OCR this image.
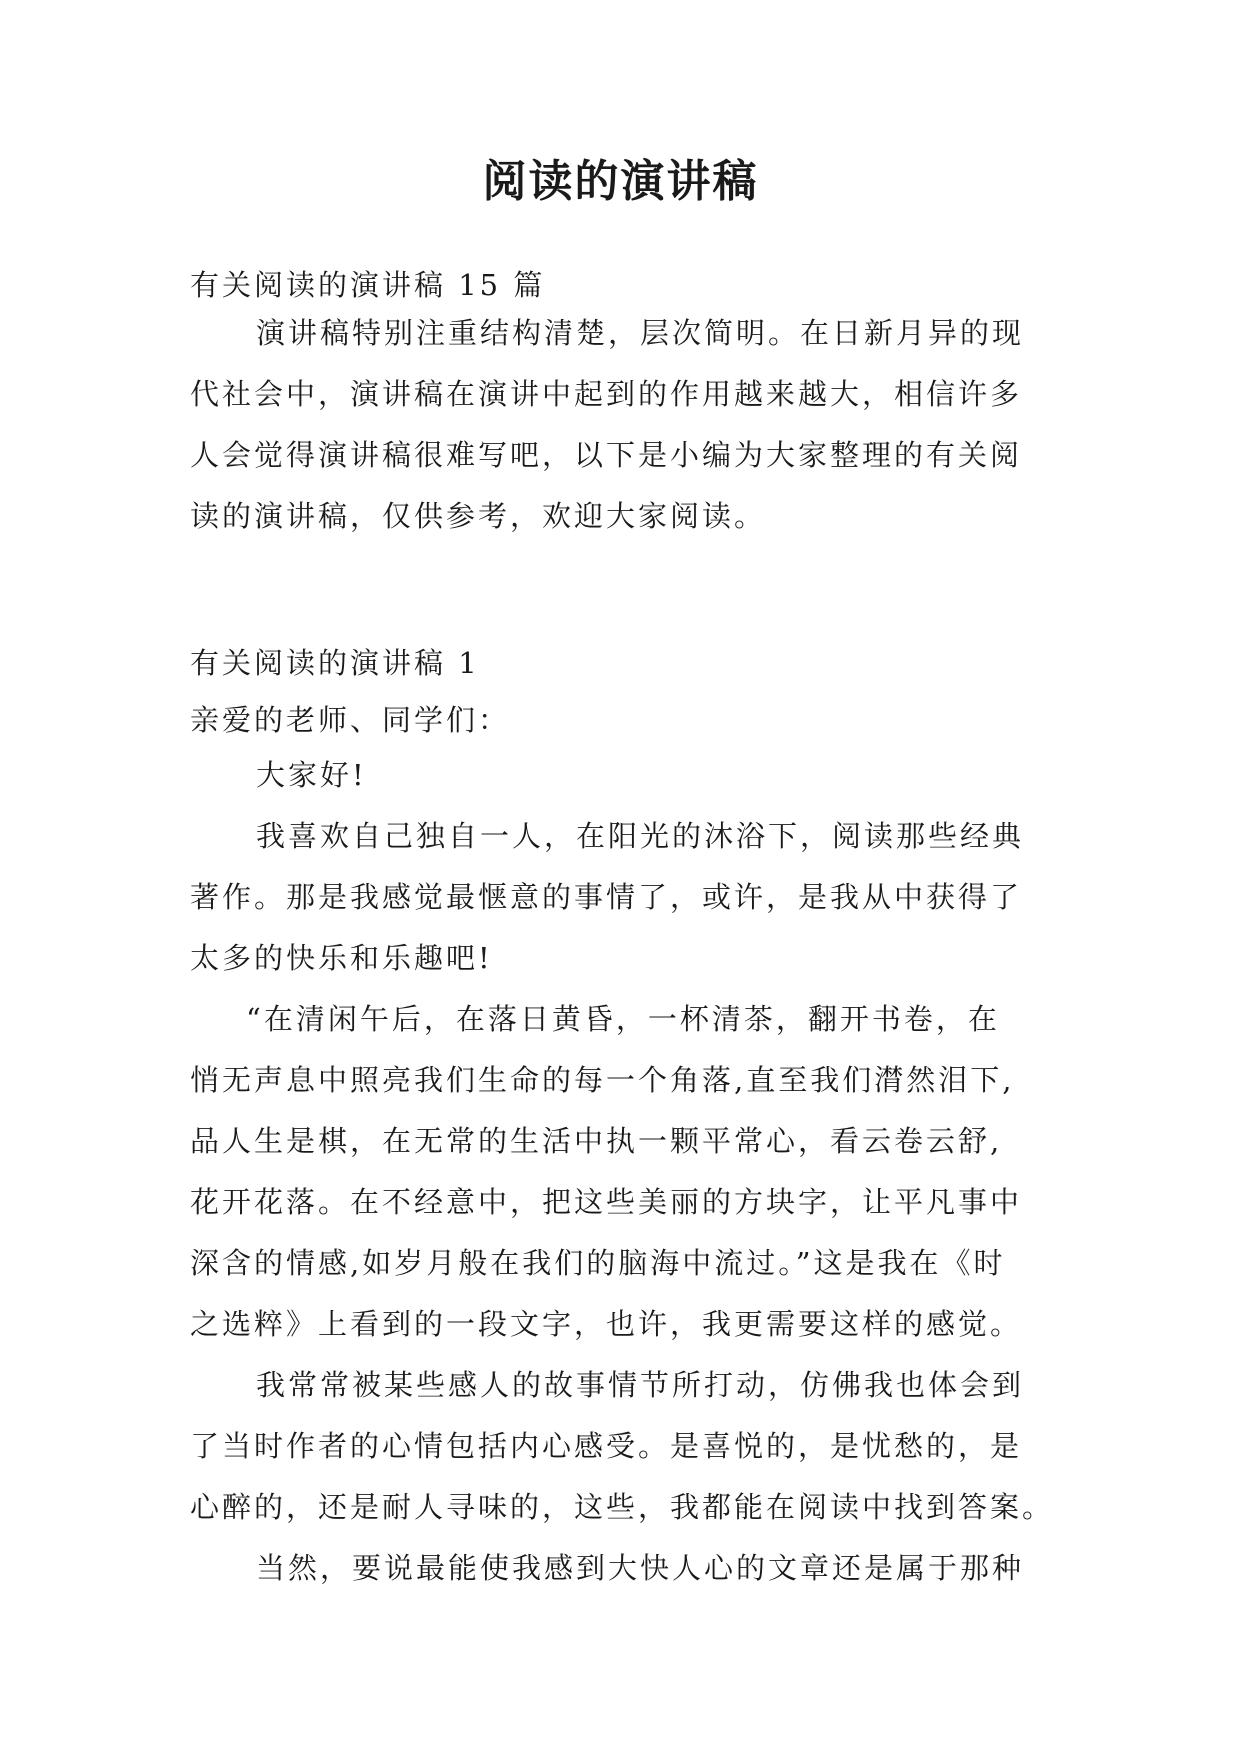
阅读的演讲稿
有关阅读的演讲稿 15 篇
演讲稿特别注重结构清楚，层次简明。在日新月异的现
代社会中，演讲稿在演讲中起到的作用越来越大，相信许多
人会觉得演讲稿很难写吧，以下是小编为大家整理的有关阅
读的演讲稿，仅供参考，欢迎大家阅读。
有关阅读的演讲稿 1
亲爱的老师、同学们：
大家好!
我喜欢自己独自一人，在阳光的沐浴下，阅读那些经典
著作。那是我感觉最惬意的事情了，或许，是我从中获得了
太多的快乐和乐趣吧!
“在清闲午后，在落日黄昏，一杯清茶，翻开书卷，在
悄无声息中照亮我们生命的每一个角落,直至我们潸然泪下,
品人生是棋，在无常的生活中执一颗平常心，看云卷云舒,
花开花落。在不经意中，把这些美丽的方块字，让平凡事中
深含的情感,如岁月般在我们的脑海中流过。”这是我在《时
之选粹》上看到的一段文字，也许，我更需要这样的感觉。
我常常被某些感人的故事情节所打动，仿佛我也体会到
了当时作者的心情包括内心感受。是喜悦的，是忧愁的，是
心醉的，还是耐人寻味的，这些，我都能在阅读中找到答案。
当然，要说最能使我感到大快人心的文章还是属于那种
